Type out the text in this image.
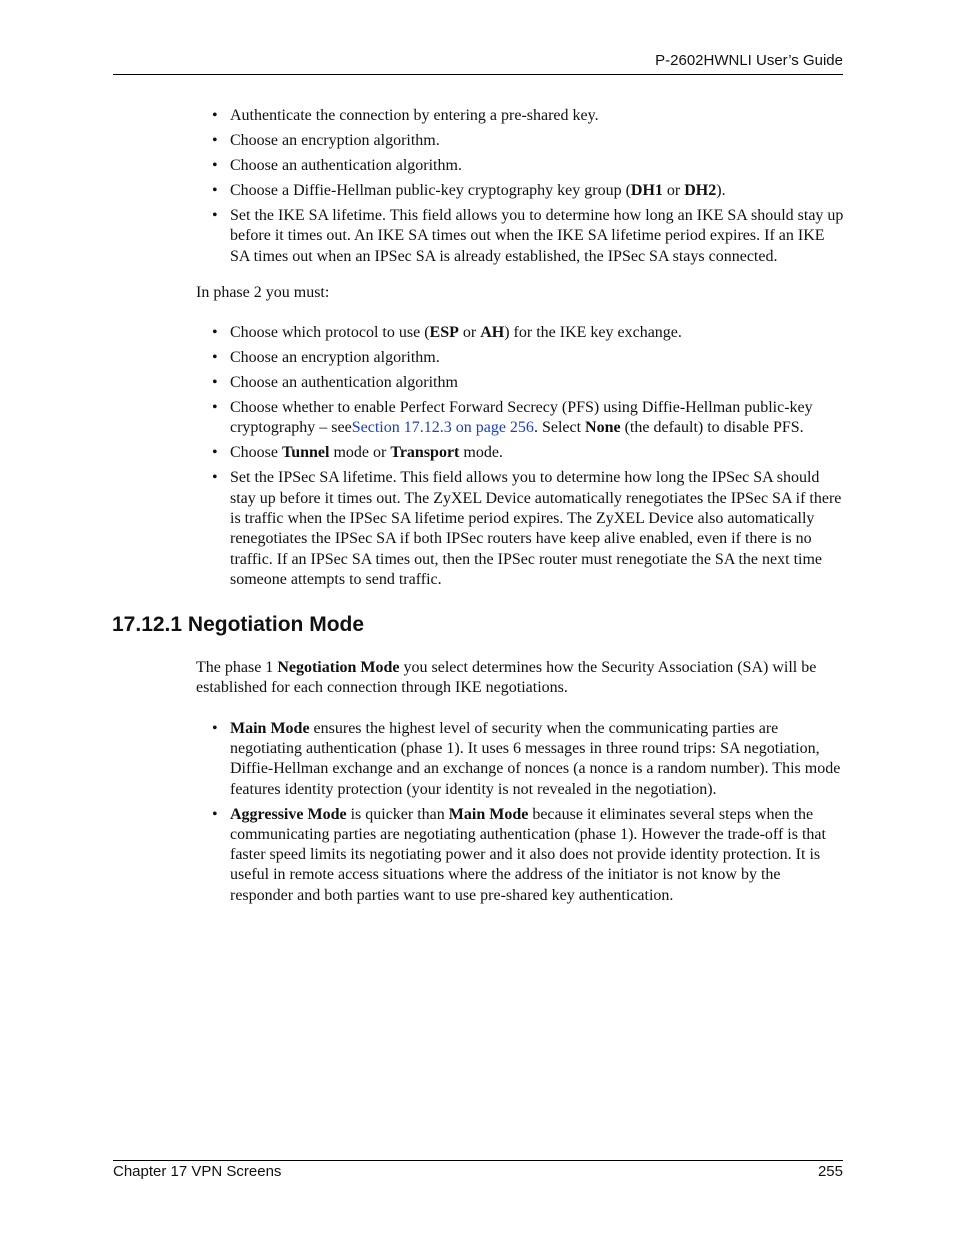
P-2602HWNLI User’s Guide
• Authenticate the connection by entering a pre-shared key.
• Choose an encryption algorithm.
• Choose an authentication algorithm.
• Choose a Diffie-Hellman public-key cryptography key group (DH1 or DH2).
• Set the IKE SA lifetime. This field allows you to determine how long an IKE SA should stay up before it times out. An IKE SA times out when the IKE SA lifetime period expires. If an IKE SA times out when an IPSec SA is already established, the IPSec SA stays connected.

In phase 2 you must:

• Choose which protocol to use (ESP or AH) for the IKE key exchange.
• Choose an encryption algorithm.
• Choose an authentication algorithm
• Choose whether to enable Perfect Forward Secrecy (PFS) using Diffie-Hellman public-key cryptography – seeSection 17.12.3 on page 256. Select None (the default) to disable PFS.
• Choose Tunnel mode or Transport mode.
• Set the IPSec SA lifetime. This field allows you to determine how long the IPSec SA should stay up before it times out. The ZyXEL Device automatically renegotiates the IPSec SA if there is traffic when the IPSec SA lifetime period expires. The ZyXEL Device also automatically renegotiates the IPSec SA if both IPSec routers have keep alive enabled, even if there is no traffic. If an IPSec SA times out, then the IPSec router must renegotiate the SA the next time someone attempts to send traffic.
17.12.1 Negotiation Mode

The phase 1 Negotiation Mode you select determines how the Security Association (SA) will be established for each connection through IKE negotiations.

• Main Mode ensures the highest level of security when the communicating parties are negotiating authentication (phase 1). It uses 6 messages in three round trips: SA negotiation, Diffie-Hellman exchange and an exchange of nonces (a nonce is a random number). This mode features identity protection (your identity is not revealed in the negotiation).
• Aggressive Mode is quicker than Main Mode because it eliminates several steps when the communicating parties are negotiating authentication (phase 1). However the trade-off is that faster speed limits its negotiating power and it also does not provide identity protection. It is useful in remote access situations where the address of the initiator is not know by the responder and both parties want to use pre-shared key authentication.
Chapter 17 VPN Screens	255
